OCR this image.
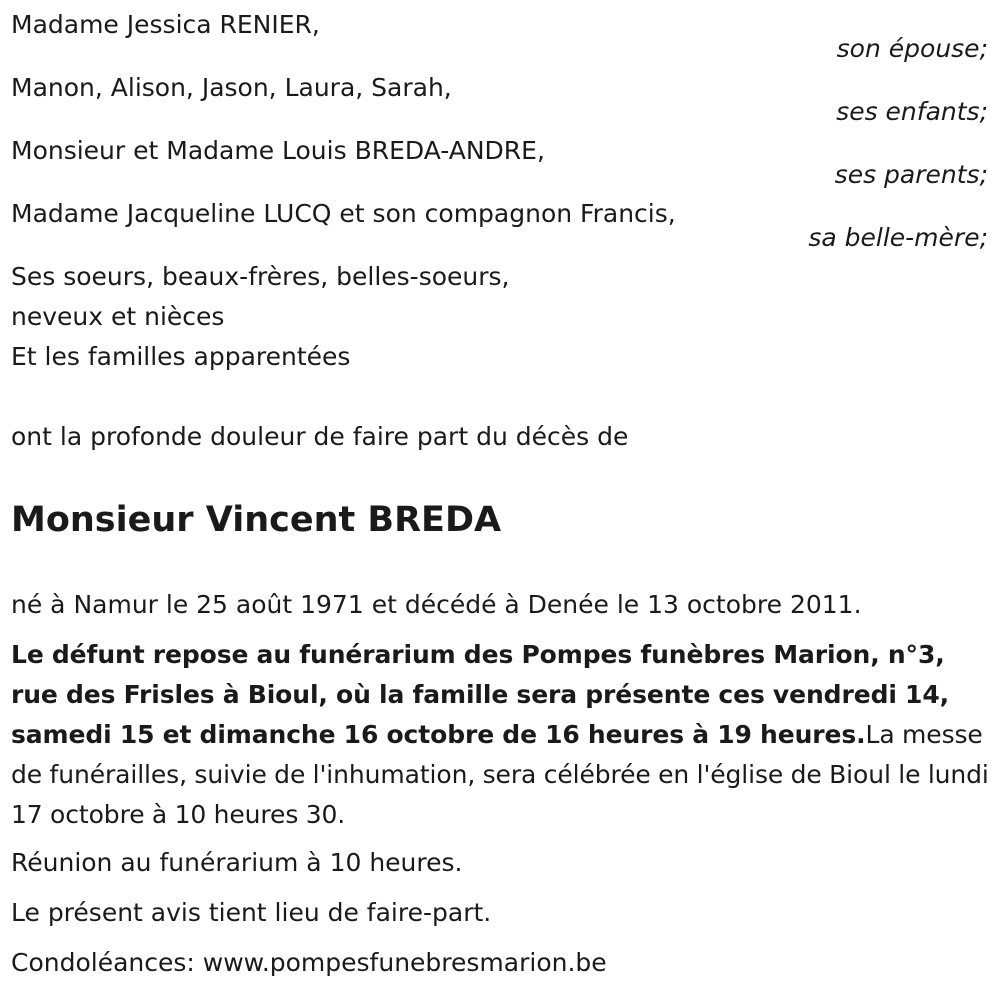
Madame Jessica RENIER,
son épouse;
Manon, Alison, Jason, Laura, Sarah,
ses enfants;
Monsieur et Madame Louis BREDA-ANDRE,
ses parents;
Madame Jacqueline LUCQ et son compagnon Francis,
sa belle-mère;
Ses soeurs, beaux-frères, belles-soeurs,
neveux et nièces
Et les familles apparentées
ont la profonde douleur de faire part du décès de
Monsieur Vincent BREDA
né à Namur le 25 août 1971 et décédé à Denée le 13 octobre 2011.
Le défunt repose au funérarium des Pompes funèbres Marion, n°3, rue des Frisles à Bioul, où la famille sera présente ces vendredi 14, samedi 15 et dimanche 16 octobre de 16 heures à 19 heures.La messe de funérailles, suivie de l'inhumation, sera célébrée en l'église de Bioul le lundi 17 octobre à 10 heures 30.
Réunion au funérarium à 10 heures.
Le présent avis tient lieu de faire-part.
Condoléances: www.pompesfunebresmarion.be
